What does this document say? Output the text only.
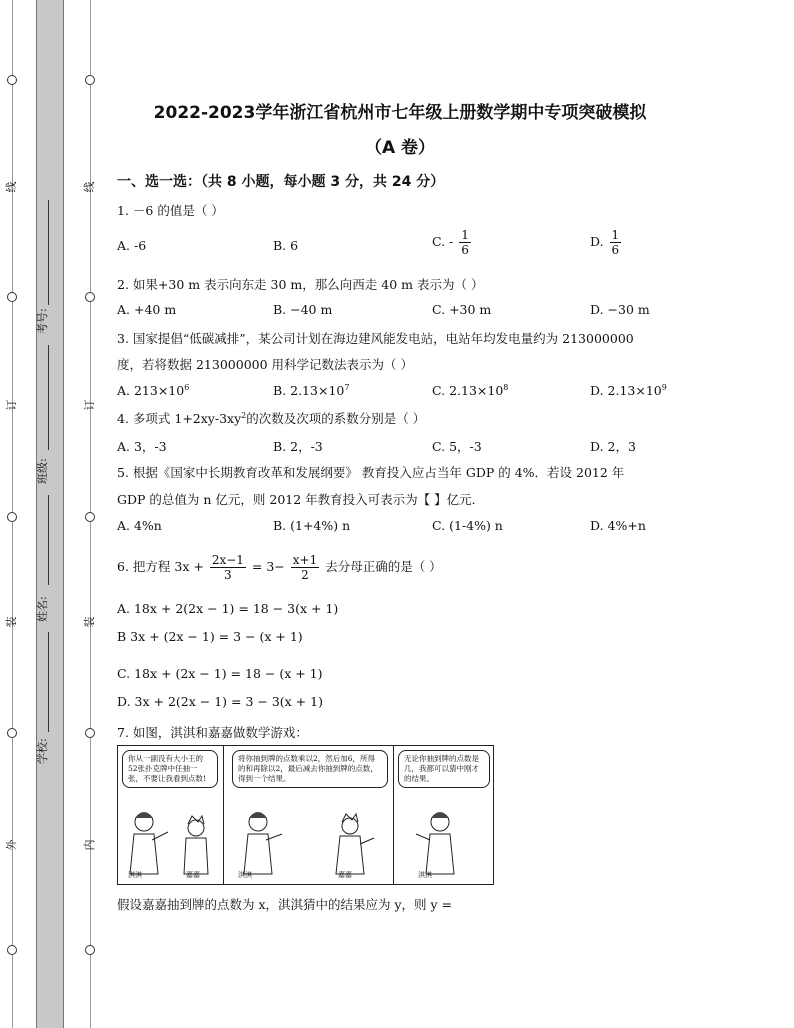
线
订
装
外
线
订
装
内
考号:
班级:
姓名:
学校:
2022-2023学年浙江省杭州市七年级上册数学期中专项突破模拟
（A 卷）
一、选一选：（共 8 小题，每小题 3 分，共 24 分）
1. －6 的值是（ ）
A. -6	B. 6	C. - $\frac{1}{6}$	D. $\frac{1}{6}$
2. 如果+30 m 表示向东走 30 m，那么向西走 40 m 表示为（ ）
A. +40 m	B. −40 m	C. +30 m	D. −30 m
3. 国家提倡“低碳减排”，某公司计划在海边建风能发电站，电站年均发电量约为 213000000
度，若将数据 213000000 用科学记数法表示为（ ）
A. $213\times 10^6$	B. $2.13\times 10^7$	C. $2.13\times 10^8$	D. $2.13\times 10^9$
4. 多项式 $1+2xy-3xy^2$的次数及次项的系数分别是（ ）
A. 3，-3	B. 2，-3	C. 5，-3	D. 2，3
5. 根据《国家中长期教育改革和发展纲要》 教育投入应占当年 GDP 的 4%．若设 2012 年
GDP 的总值为 n 亿元，则 2012 年教育投入可表示为【 】亿元．
A. 4%n	B. (1+4%) n	C. (1-4%) n	D. 4%+n
6. 把方程 $3x + \frac{2x-1}{3} = 3- \frac{x+1}{2}$ 去分母正确的是（ ）
A. 18x + 2(2x − 1) = 18 − 3(x + 1)
B 3x + (2x − 1) = 3 − (x + 1)
C. 18x + (2x − 1) = 18 − (x + 1)
D. 3x + 2(2x − 1) = 3 − 3(x + 1)
7. 如图，淇淇和嘉嘉做数学游戏：
你从一副没有大小王的52张扑克牌中任抽一张，不要让我看到点数!
淇淇	嘉嘉
将你抽到牌的点数乘以2，然后加6，所得的和再除以2，最后减去你抽到牌的点数，得到一个结果。
淇淇	嘉嘉
无论你抽到牌的点数是几，我都可以猜中刚才的结果。
淇淇
假设嘉嘉抽到牌的点数为 x，淇淇猜中的结果应为 y，则 y =
